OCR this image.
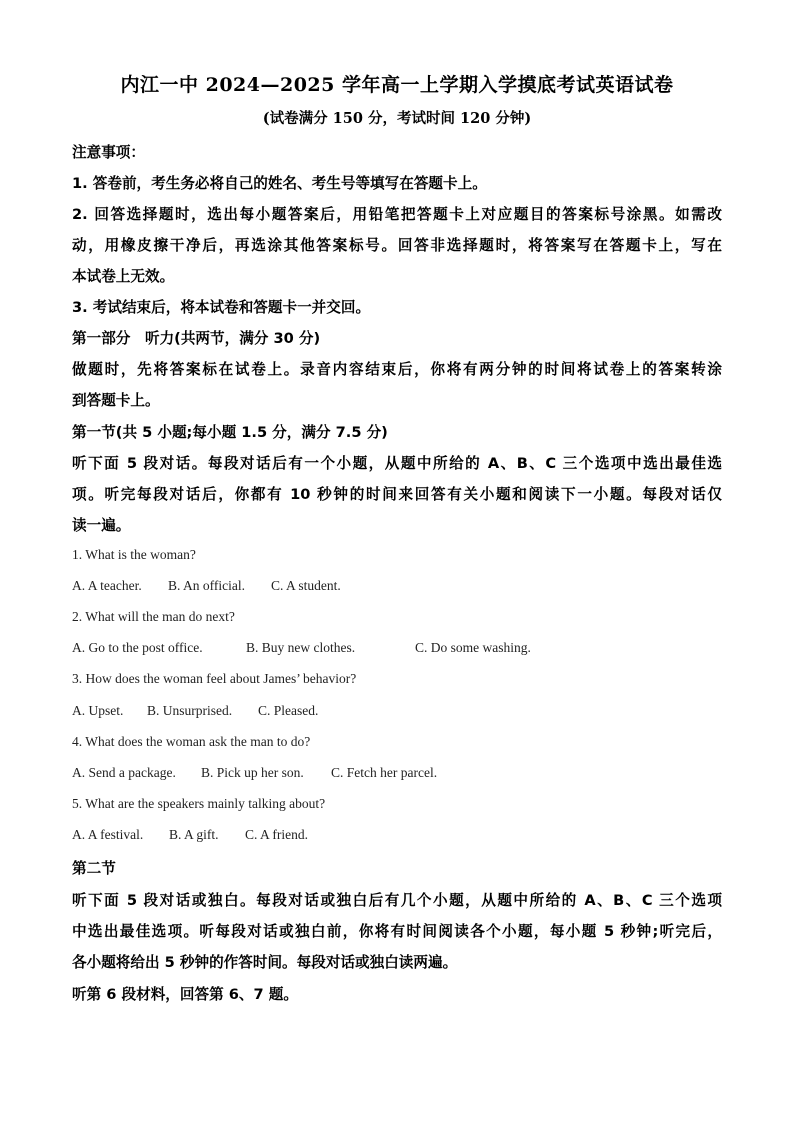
内江一中 2024—2025 学年高一上学期入学摸底考试英语试卷
(试卷满分 150 分，考试时间 120 分钟)
注意事项：
1. 答卷前，考生务必将自己的姓名、考生号等填写在答题卡上。
2. 回答选择题时，选出每小题答案后，用铅笔把答题卡上对应题目的答案标号涂黑。如需改
动，用橡皮擦干净后，再选涂其他答案标号。回答非选择题时，将答案写在答题卡上，写在
本试卷上无效。
3. 考试结束后，将本试卷和答题卡一并交回。
第一部分　听力(共两节，满分 30 分)
做题时，先将答案标在试卷上。录音内容结束后，你将有两分钟的时间将试卷上的答案转涂
到答题卡上。
第一节(共 5 小题;每小题 1.5 分，满分 7.5 分)
听下面 5 段对话。每段对话后有一个小题，从题中所给的 A、B、C 三个选项中选出最佳选
项。听完每段对话后，你都有 10 秒钟的时间来回答有关小题和阅读下一小题。每段对话仅
读一遍。
1. What is the woman?
A. A teacher. B. An official. C. A student.
2. What will the man do next?
A. Go to the post office.	B. Buy new clothes.	C. Do some washing.
3. How does the woman feel about James’ behavior?
A. Upset. B. Unsurprised. C. Pleased.
4. What does the woman ask the man to do?
A. Send a package. B. Pick up her son. C. Fetch her parcel.
5. What are the speakers mainly talking about?
A. A festival. B. A gift. C. A friend.
第二节
听下面 5 段对话或独白。每段对话或独白后有几个小题，从题中所给的 A、B、C 三个选项
中选出最佳选项。听每段对话或独白前，你将有时间阅读各个小题，每小题 5 秒钟;听完后，
各小题将给出 5 秒钟的作答时间。每段对话或独白读两遍。
听第 6 段材料，回答第 6、7 题。
